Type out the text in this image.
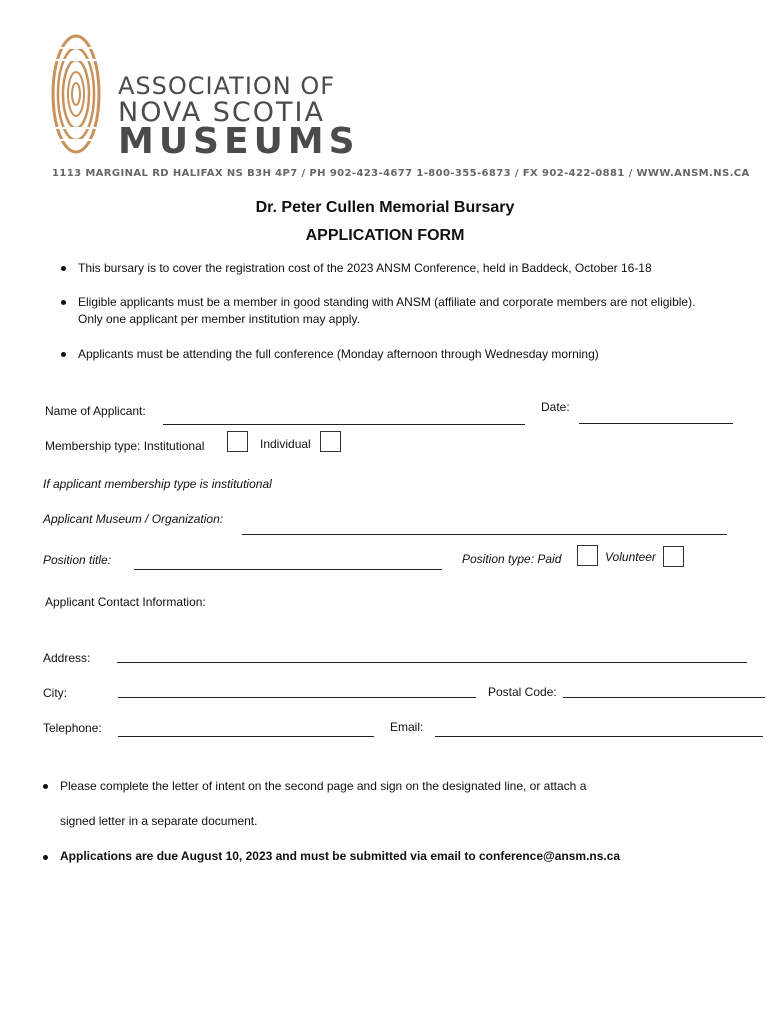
ASSOCIATION OF
NOVA SCOTIA
MUSEUMS
1113 MARGINAL RD HALIFAX NS B3H 4P7 / PH 902-423-4677 1-800-355-6873 / FX 902-422-0881 / WWW.ANSM.NS.CA
Dr. Peter Cullen Memorial Bursary
APPLICATION FORM
This bursary is to cover the registration cost of the 2023 ANSM Conference, held in Baddeck, October 16-18
Eligible applicants must be a member in good standing with ANSM (affiliate and corporate members are not eligible). Only one applicant per member institution may apply.
Applicants must be attending the full conference (Monday afternoon through Wednesday morning)
Name of Applicant:	Date:
Membership type: Institutional	Individual
If applicant membership type is institutional
Applicant Museum / Organization:
Position title:	Position type: Paid	Volunteer
Applicant Contact Information:
Address:
City:	Postal Code:
Telephone:	Email:
Please complete the letter of intent on the second page and sign on the designated line, or attach a
signed letter in a separate document.
Applications are due August 10, 2023 and must be submitted via email to conference@ansm.ns.ca
